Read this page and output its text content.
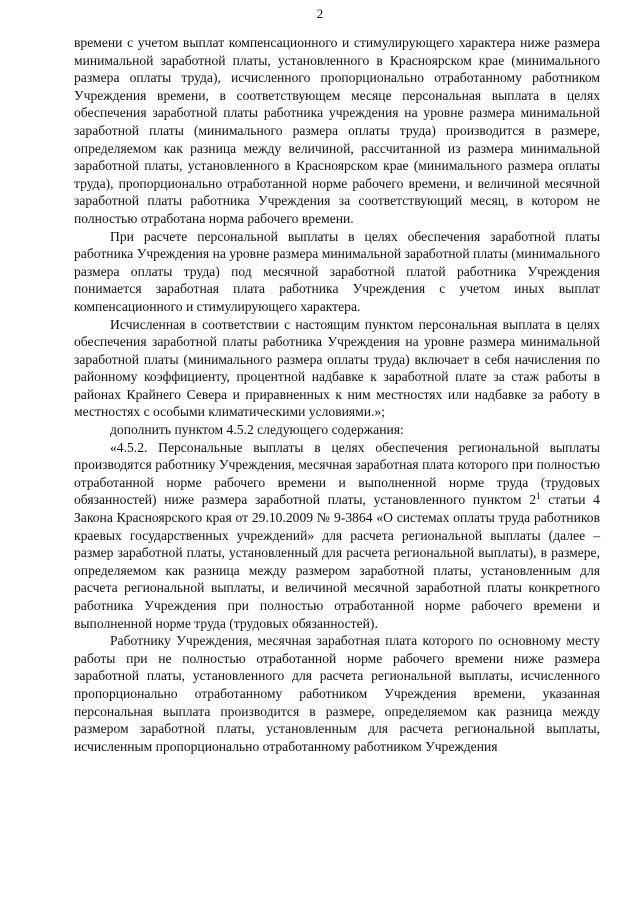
2

времени с учетом выплат компенсационного и стимулирующего характера ниже размера минимальной заработной платы, установленного в Красноярском крае (минимального размера оплаты труда), исчисленного пропорционально отработанному работником Учреждения времени, в соответствующем месяце персональная выплата в целях обеспечения заработной платы работника учреждения на уровне размера минимальной заработной платы (минимального размера оплаты труда) производится в размере, определяемом как разница между величиной, рассчитанной из размера минимальной заработной платы, установленного в Красноярском крае (минимального размера оплаты труда), пропорционально отработанной норме рабочего времени, и величиной месячной заработной платы работника Учреждения за соответствующий месяц, в котором не полностью отработана норма рабочего времени.

При расчете персональной выплаты в целях обеспечения заработной платы работника Учреждения на уровне размера минимальной заработной платы (минимального размера оплаты труда) под месячной заработной платой работника Учреждения понимается заработная плата работника Учреждения с учетом иных выплат компенсационного и стимулирующего характера.

Исчисленная в соответствии с настоящим пунктом персональная выплата в целях обеспечения заработной платы работника Учреждения на уровне размера минимальной заработной платы (минимального размера оплаты труда) включает в себя начисления по районному коэффициенту, процентной надбавке к заработной плате за стаж работы в районах Крайнего Севера и приравненных к ним местностях или надбавке за работу в местностях с особыми климатическими условиями.»;

дополнить пунктом 4.5.2 следующего содержания:

«4.5.2. Персональные выплаты в целях обеспечения региональной выплаты производятся работнику Учреждения, месячная заработная плата которого при полностью отработанной норме рабочего времени и выполненной норме труда (трудовых обязанностей) ниже размера заработной платы, установленного пунктом $2^1$ статьи 4 Закона Красноярского края от 29.10.2009 № 9-3864 «О системах оплаты труда работников краевых государственных учреждений» для расчета региональной выплаты (далее – размер заработной платы, установленный для расчета региональной выплаты), в размере, определяемом как разница между размером заработной платы, установленным для расчета региональной выплаты, и величиной месячной заработной платы конкретного работника Учреждения при полностью отработанной норме рабочего времени и выполненной норме труда (трудовых обязанностей).

Работнику Учреждения, месячная заработная плата которого по основному месту работы при не полностью отработанной норме рабочего времени ниже размера заработной платы, установленного для расчета региональной выплаты, исчисленного пропорционально отработанному работником Учреждения времени, указанная персональная выплата производится в размере, определяемом как разница между размером заработной платы, установленным для расчета региональной выплаты, исчисленным пропорционально отработанному работником Учреждения
